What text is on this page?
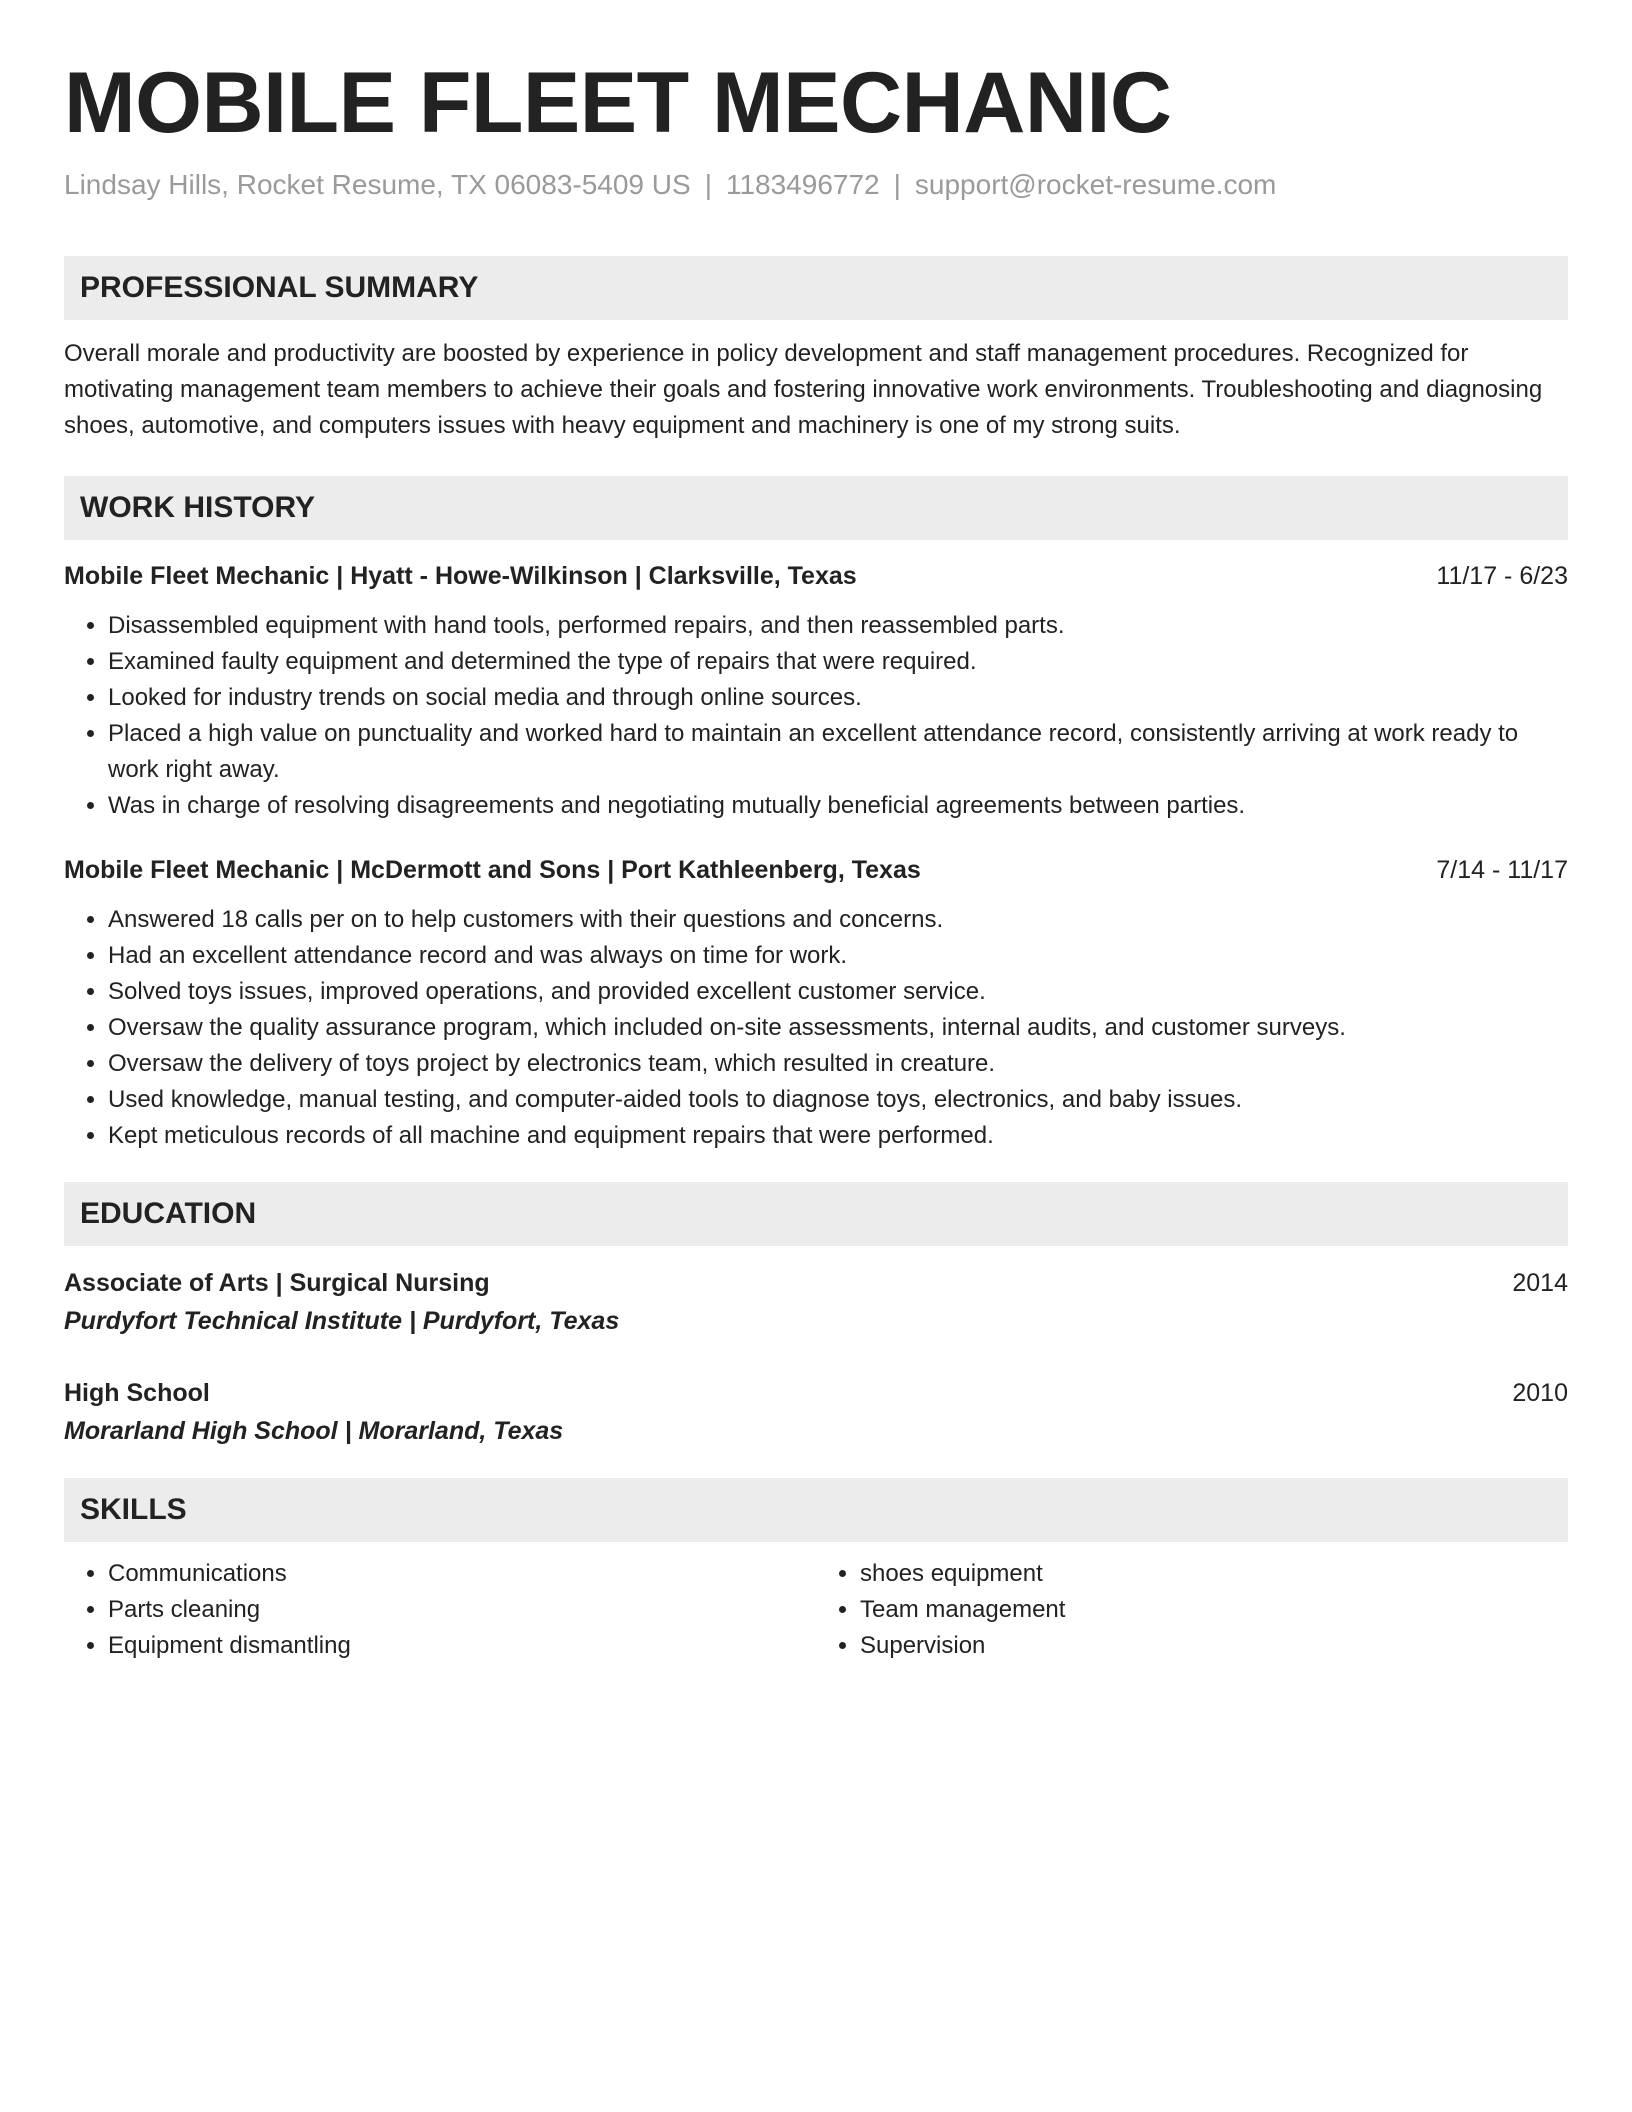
MOBILE FLEET MECHANIC
Lindsay Hills, Rocket Resume, TX 06083-5409 US | 1183496772 | support@rocket-resume.com
PROFESSIONAL SUMMARY
Overall morale and productivity are boosted by experience in policy development and staff management procedures. Recognized for motivating management team members to achieve their goals and fostering innovative work environments. Troubleshooting and diagnosing shoes, automotive, and computers issues with heavy equipment and machinery is one of my strong suits.
WORK HISTORY
Mobile Fleet Mechanic | Hyatt - Howe-Wilkinson | Clarksville, Texas	11/17 - 6/23
• Disassembled equipment with hand tools, performed repairs, and then reassembled parts.
• Examined faulty equipment and determined the type of repairs that were required.
• Looked for industry trends on social media and through online sources.
• Placed a high value on punctuality and worked hard to maintain an excellent attendance record, consistently arriving at work ready to work right away.
• Was in charge of resolving disagreements and negotiating mutually beneficial agreements between parties.
Mobile Fleet Mechanic | McDermott and Sons | Port Kathleenberg, Texas	7/14 - 11/17
• Answered 18 calls per on to help customers with their questions and concerns.
• Had an excellent attendance record and was always on time for work.
• Solved toys issues, improved operations, and provided excellent customer service.
• Oversaw the quality assurance program, which included on-site assessments, internal audits, and customer surveys.
• Oversaw the delivery of toys project by electronics team, which resulted in creature.
• Used knowledge, manual testing, and computer-aided tools to diagnose toys, electronics, and baby issues.
• Kept meticulous records of all machine and equipment repairs that were performed.
EDUCATION
Associate of Arts | Surgical Nursing	2014
Purdyfort Technical Institute | Purdyfort, Texas
High School	2010
Morarland High School | Morarland, Texas
SKILLS
• Communications
• Parts cleaning
• Equipment dismantling
• shoes equipment
• Team management
• Supervision
